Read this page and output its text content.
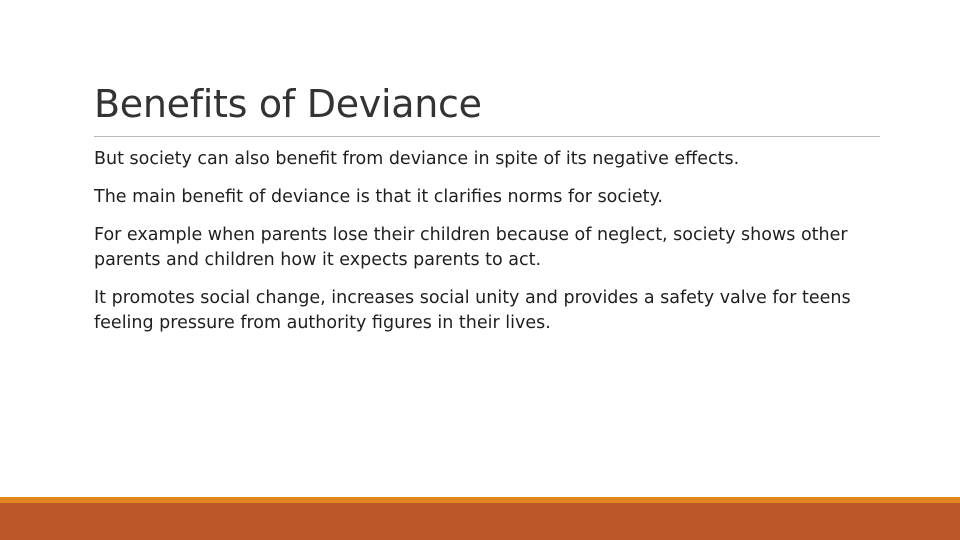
Benefits of Deviance
But society can also benefit from deviance in spite of its negative effects.
The main benefit of deviance is that it clarifies norms for society.
For example when parents lose their children because of neglect, society shows other parents and children how it expects parents to act.
It promotes social change, increases social unity and provides a safety valve for teens feeling pressure from authority figures in their lives.
